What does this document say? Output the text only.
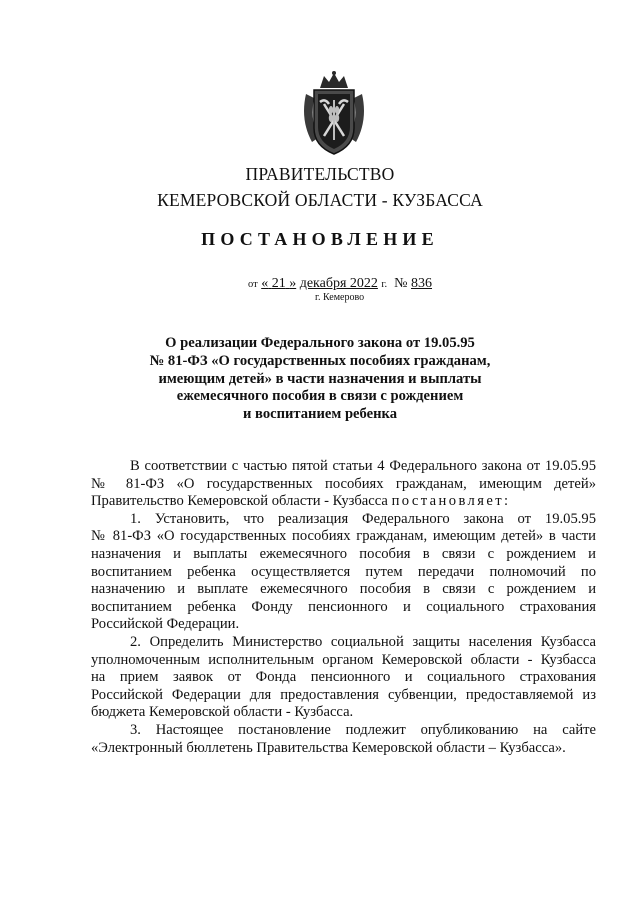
ПРАВИТЕЛЬСТВО
КЕМЕРОВСКОЙ ОБЛАСТИ - КУЗБАССА
ПОСТАНОВЛЕНИЕ
от « 21 » декабря 2022 г. № 836
г. Кемерово
О реализации Федерального закона от 19.05.95
№ 81-ФЗ «О государственных пособиях гражданам,
имеющим детей» в части назначения и выплаты
ежемесячного пособия в связи с рождением
и воспитанием ребенка

В соответствии с частью пятой статьи 4 Федерального закона от 19.05.95
№ 81-ФЗ «О государственных пособиях гражданам, имеющим детей»
Правительство Кемеровской области - Кузбасса постановляет:

1. Установить, что реализация Федерального закона от 19.05.95
№ 81-ФЗ «О государственных пособиях гражданам, имеющим детей» в части
назначения и выплаты ежемесячного пособия в связи с рождением и
воспитанием ребенка осуществляется путем передачи полномочий по
назначению и выплате ежемесячного пособия в связи с рождением и
воспитанием ребенка Фонду пенсионного и социального страхования
Российской Федерации.

2. Определить Министерство социальной защиты населения Кузбасса
уполномоченным исполнительным органом Кемеровской области - Кузбасса
на прием заявок от Фонда пенсионного и социального страхования
Российской Федерации для предоставления субвенции, предоставляемой из
бюджета Кемеровской области - Кузбасса.

3. Настоящее постановление подлежит опубликованию на сайте
«Электронный бюллетень Правительства Кемеровской области – Кузбасса».
